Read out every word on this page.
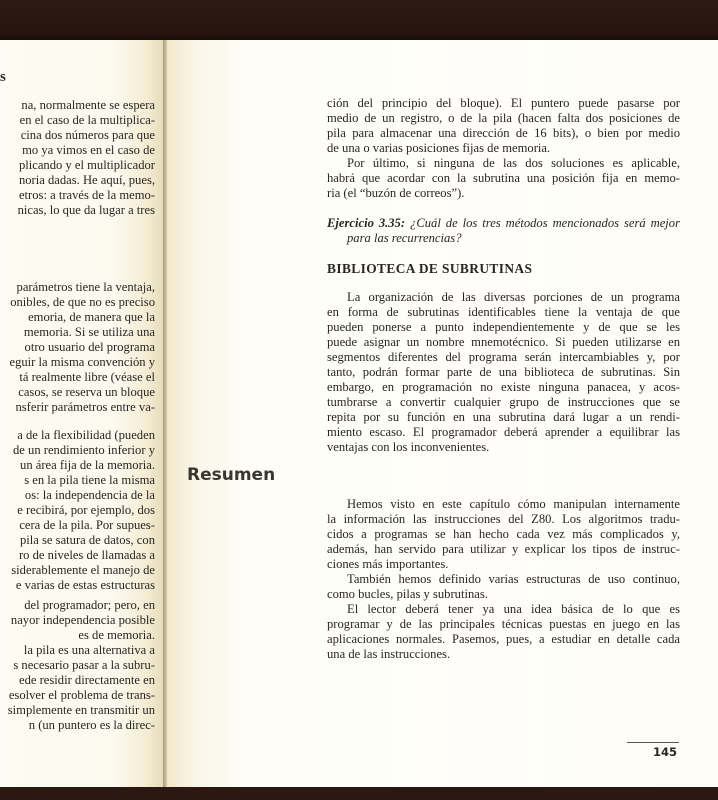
s
na, normalmente se espera
en el caso de la multiplica-
cina dos números para que
mo ya vimos en el caso de
plicando y el multiplicador
noria dadas. He aquí, pues,
etros: a través de la memo-
nicas, lo que da lugar a tres
parámetros tiene la ventaja,
onibles, de que no es preciso
emoria, de manera que la
memoria. Si se utiliza una
otro usuario del programa
eguir la misma convención y
tá realmente libre (véase el
casos, se reserva un bloque
nsferir parámetros entre va-
a de la flexibilidad (pueden
de un rendimiento inferior y
un área fija de la memoria.
s en la pila tiene la misma
os: la independencia de la
e recibirá, por ejemplo, dos
cera de la pila. Por supues-
pila se satura de datos, con
ro de niveles de llamadas a
siderablemente el manejo de
e varias de estas estructuras
del programador; pero, en
nayor independencia posible
es de memoria.
la pila es una alternativa a
s necesario pasar a la subru-
ede residir directamente en
esolver el problema de trans-
simplemente en transmitir un
n (un puntero es la direc-
ción del principio del bloque). El puntero puede pasarse por
medio de un registro, o de la pila (hacen falta dos posiciones de
pila para almacenar una dirección de 16 bits), o bien por medio
de una o varias posiciones fijas de memoria.
Por último, si ninguna de las dos soluciones es aplicable,
habrá que acordar con la subrutina una posición fija en memo-
ria (el “buzón de correos”).
Ejercicio 3.35: ¿Cuál de los tres métodos mencionados será mejor
para las recurrencias?
BIBLIOTECA DE SUBRUTINAS
La organización de las diversas porciones de un programa
en forma de subrutinas identificables tiene la ventaja de que
pueden ponerse a punto independientemente y de que se les
puede asignar un nombre mnemotécnico. Si pueden utilizarse en
segmentos diferentes del programa serán intercambiables y, por
tanto, podrán formar parte de una biblioteca de subrutinas. Sin
embargo, en programación no existe ninguna panacea, y acos-
tumbrarse a convertir cualquier grupo de instrucciones que se
repita por su función en una subrutina dará lugar a un rendi-
miento escaso. El programador deberá aprender a equilibrar las
ventajas con los inconvenientes.
Resumen
Hemos visto en este capítulo cómo manipulan internamente
la información las instrucciones del Z80. Los algoritmos tradu-
cidos a programas se han hecho cada vez más complicados y,
además, han servido para utilizar y explicar los tipos de instruc-
ciones más importantes.
También hemos definido varias estructuras de uso continuo,
como bucles, pilas y subrutinas.
El lector deberá tener ya una idea básica de lo que es
programar y de las principales técnicas puestas en juego en las
aplicaciones normales. Pasemos, pues, a estudiar en detalle cada
una de las instrucciones.
145
